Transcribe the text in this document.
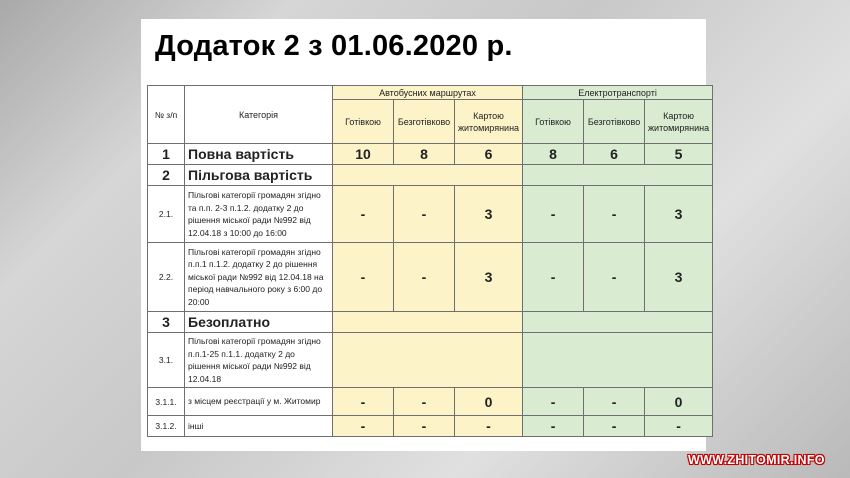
Додаток 2 з 01.06.2020 р.
№ з/п	Категорія	Автобусних маршрутах			Електротранспорті		
		Готівкою	Безготівково	Картою житомирянина	Готівкою	Безготівково	Картою житомирянина
1	Повна вартість	10	8	6	8	6	5
2	Пільгова вартість						
2.1.	Пільгові категорії громадян згідно та п.п. 2-3 п.1.2. додатку 2 до рішення міської ради №992 від 12.04.18 з 10:00 до 16:00	-	-	3	-	-	3
2.2.	Пільгові категорії громадян згідно п.п.1 п.1.2. додатку 2 до рішення міської ради №992 від 12.04.18 на період навчального року з 6:00 до 20:00	-	-	3	-	-	3
3	Безоплатно						
3.1.	Пільгові категорії громадян згідно п.п.1-25 п.1.1. додатку 2 до рішення міської ради №992 від 12.04.18						
3.1.1.	з місцем реєстрації у м. Житомир	-	-	0	-	-	0
3.1.2.	інші	-	-	-	-	-	-
WWW.ZHITOMIR.INFO
